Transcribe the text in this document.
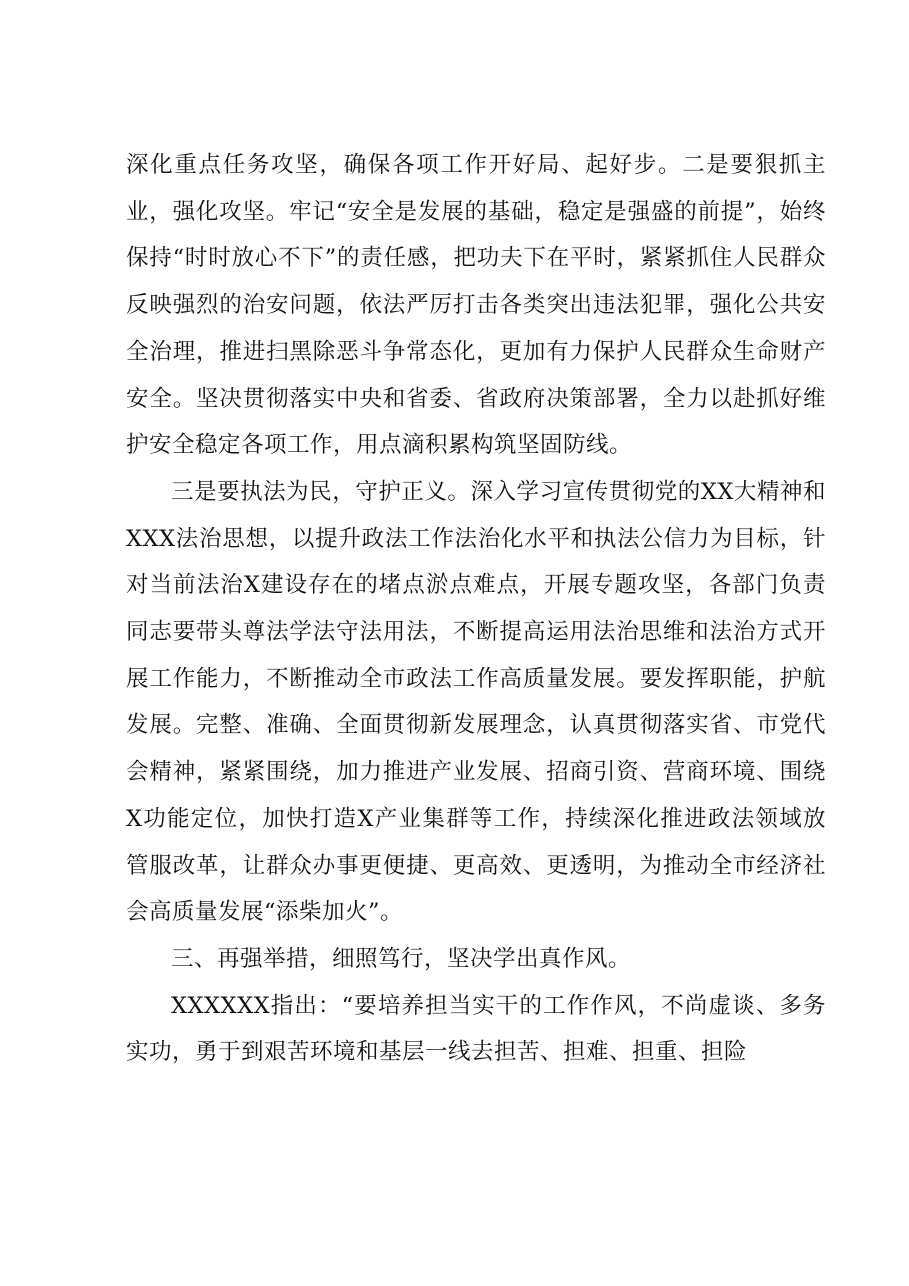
深化重点任务攻坚，确保各项工作开好局、起好步。二是要狠抓主业，强化攻坚。牢记“安全是发展的基础，稳定是强盛的前提”，始终保持“时时放心不下”的责任感，把功夫下在平时，紧紧抓住人民群众反映强烈的治安问题，依法严厉打击各类突出违法犯罪，强化公共安全治理，推进扫黑除恶斗争常态化，更加有力保护人民群众生命财产安全。坚决贯彻落实中央和省委、省政府决策部署，全力以赴抓好维护安全稳定各项工作，用点滴积累构筑坚固防线。

三是要执法为民，守护正义。深入学习宣传贯彻党的XX大精神和XXX法治思想，以提升政法工作法治化水平和执法公信力为目标，针对当前法治X建设存在的堵点淤点难点，开展专题攻坚，各部门负责同志要带头尊法学法守法用法，不断提高运用法治思维和法治方式开展工作能力，不断推动全市政法工作高质量发展。要发挥职能，护航发展。完整、准确、全面贯彻新发展理念，认真贯彻落实省、市党代会精神，紧紧围绕，加力推进产业发展、招商引资、营商环境、围绕X功能定位，加快打造X产业集群等工作，持续深化推进政法领域放管服改革，让群众办事更便捷、更高效、更透明，为推动全市经济社会高质量发展“添柴加火”。

三、再强举措，细照笃行，坚决学出真作风。

XXXXXX指出：“要培养担当实干的工作作风，不尚虚谈、多务实功，勇于到艰苦环境和基层一线去担苦、担难、担重、担险
